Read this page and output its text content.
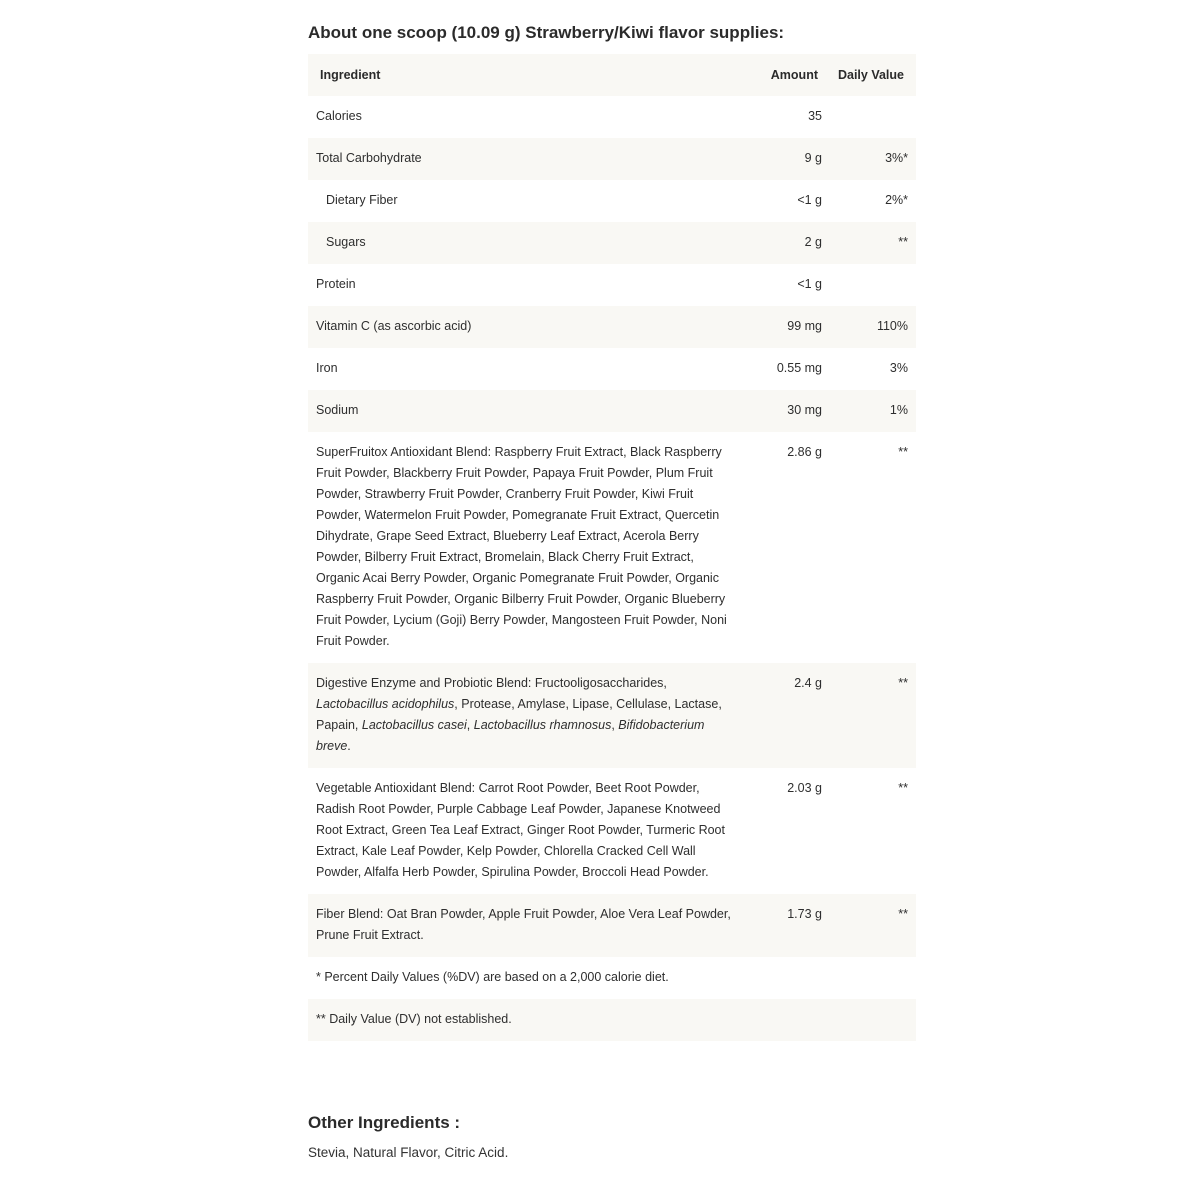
About one scoop (10.09 g) Strawberry/Kiwi flavor supplies:
Ingredient	Amount	Daily Value

Calories	35	

Total Carbohydrate	9 g	3%*

Dietary Fiber	<1 g	2%*

Sugars	2 g	**

Protein	<1 g	

Vitamin C (as ascorbic acid)	99 mg	110%

Iron	0.55 mg	3%

Sodium	30 mg	1%

SuperFruitox Antioxidant Blend: Raspberry Fruit Extract, Black Raspberry Fruit Powder, Blackberry Fruit Powder, Papaya Fruit Powder, Plum Fruit Powder, Strawberry Fruit Powder, Cranberry Fruit Powder, Kiwi Fruit Powder, Watermelon Fruit Powder, Pomegranate Fruit Extract, Quercetin Dihydrate, Grape Seed Extract, Blueberry Leaf Extract, Acerola Berry Powder, Bilberry Fruit Extract, Bromelain, Black Cherry Fruit Extract, Organic Acai Berry Powder, Organic Pomegranate Fruit Powder, Organic Raspberry Fruit Powder, Organic Bilberry Fruit Powder, Organic Blueberry Fruit Powder, Lycium (Goji) Berry Powder, Mangosteen Fruit Powder, Noni Fruit Powder.	2.86 g	**

Digestive Enzyme and Probiotic Blend: Fructooligosaccharides, Lactobacillus acidophilus, Protease, Amylase, Lipase, Cellulase, Lactase, Papain, Lactobacillus casei, Lactobacillus rhamnosus, Bifidobacterium breve.	2.4 g	**

Vegetable Antioxidant Blend: Carrot Root Powder, Beet Root Powder, Radish Root Powder, Purple Cabbage Leaf Powder, Japanese Knotweed Root Extract, Green Tea Leaf Extract, Ginger Root Powder, Turmeric Root Extract, Kale Leaf Powder, Kelp Powder, Chlorella Cracked Cell Wall Powder, Alfalfa Herb Powder, Spirulina Powder, Broccoli Head Powder.	2.03 g	**

Fiber Blend: Oat Bran Powder, Apple Fruit Powder, Aloe Vera Leaf Powder, Prune Fruit Extract.	1.73 g	**

* Percent Daily Values (%DV) are based on a 2,000 calorie diet.		

** Daily Value (DV) not established.		
Other Ingredients :
Stevia, Natural Flavor, Citric Acid.
